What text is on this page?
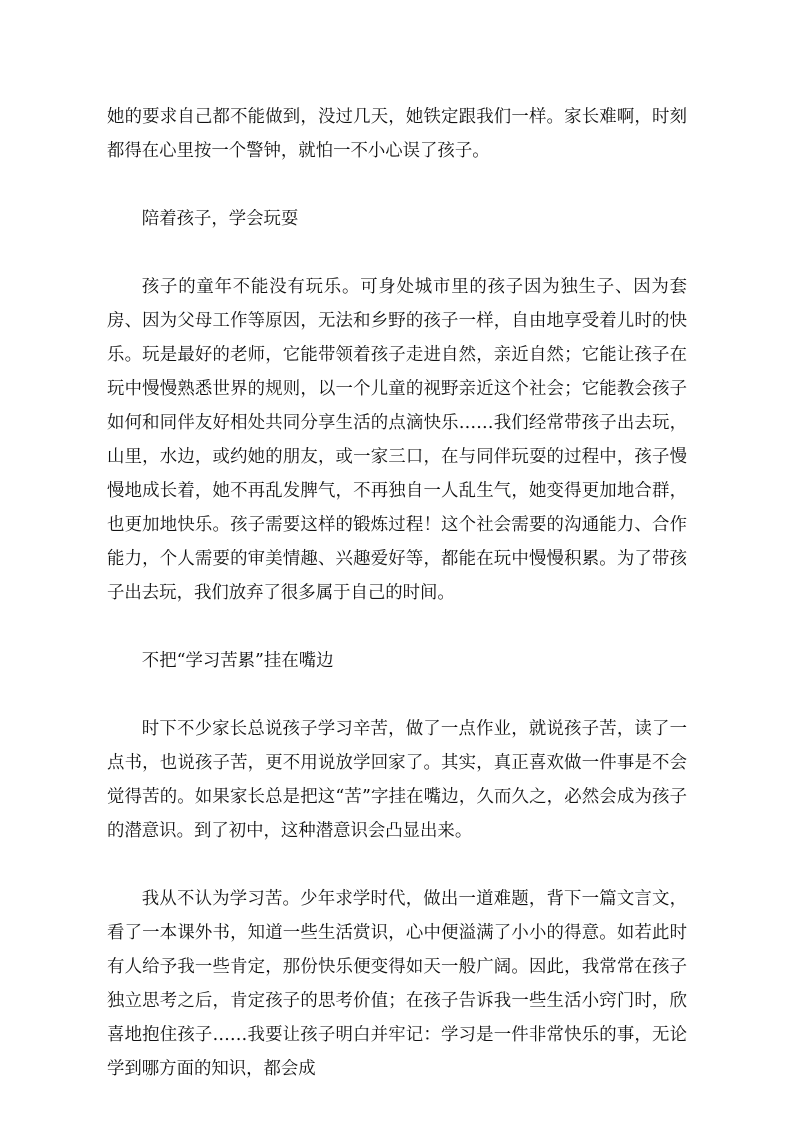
她的要求自己都不能做到，没过几天，她铁定跟我们一样。家长难啊，时刻都得在心里按一个警钟，就怕一不小心误了孩子。

陪着孩子，学会玩耍

孩子的童年不能没有玩乐。可身处城市里的孩子因为独生子、因为套房、因为父母工作等原因，无法和乡野的孩子一样，自由地享受着儿时的快乐。玩是最好的老师，它能带领着孩子走进自然，亲近自然；它能让孩子在玩中慢慢熟悉世界的规则，以一个儿童的视野亲近这个社会；它能教会孩子如何和同伴友好相处共同分享生活的点滴快乐……我们经常带孩子出去玩，山里，水边，或约她的朋友，或一家三口，在与同伴玩耍的过程中，孩子慢慢地成长着，她不再乱发脾气，不再独自一人乱生气，她变得更加地合群，也更加地快乐。孩子需要这样的锻炼过程！这个社会需要的沟通能力、合作能力，个人需要的审美情趣、兴趣爱好等，都能在玩中慢慢积累。为了带孩子出去玩，我们放弃了很多属于自己的时间。

不把“学习苦累”挂在嘴边

时下不少家长总说孩子学习辛苦，做了一点作业，就说孩子苦，读了一点书，也说孩子苦，更不用说放学回家了。其实，真正喜欢做一件事是不会觉得苦的。如果家长总是把这“苦”字挂在嘴边，久而久之，必然会成为孩子的潜意识。到了初中，这种潜意识会凸显出来。

我从不认为学习苦。少年求学时代，做出一道难题，背下一篇文言文，看了一本课外书，知道一些生活赏识，心中便溢满了小小的得意。如若此时有人给予我一些肯定，那份快乐便变得如天一般广阔。因此，我常常在孩子独立思考之后，肯定孩子的思考价值；在孩子告诉我一些生活小窍门时，欣喜地抱住孩子……我要让孩子明白并牢记：学习是一件非常快乐的事，无论学到哪方面的知识，都会成
